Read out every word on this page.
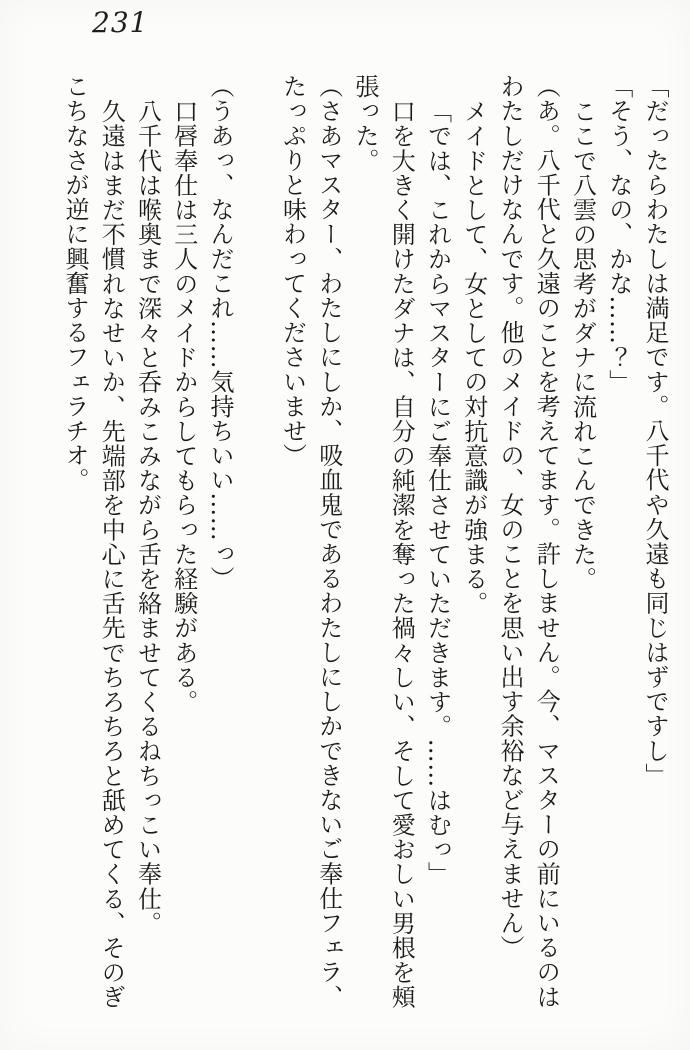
231

「だったらわたしは満足です。八千代や久遠も同じはずですし」

「そう、なの、かな……？」

ここで八雲の思考がダナに流れこんできた。

（あ。八千代と久遠のことを考えてます。許しません。今、マスターの前にいるのは

わたしだけなんです。他のメイドの、女のことを思い出す余裕など与えません）

メイドとして、女としての対抗意識が強まる。

「では、これからマスターにご奉仕させていただきます。……はむっ」

口を大きく開けたダナは、自分の純潔を奪った禍々しい、そして愛おしい男根を頰

張った。

（さあマスター、わたしにしか、吸血鬼であるわたしにしかできないご奉仕フェラ、

たっぷりと味わってくださいませ）

（うあっ、なんだこれ……気持ちいい……っ）

口唇奉仕は三人のメイドからしてもらった経験がある。

八千代は喉奥まで深々と呑みこみながら舌を絡ませてくるねちっこい奉仕。

久遠はまだ不慣れなせいか、先端部を中心に舌先でちろちろと舐めてくる、そのぎ

こちなさが逆に興奮するフェラチオ。
